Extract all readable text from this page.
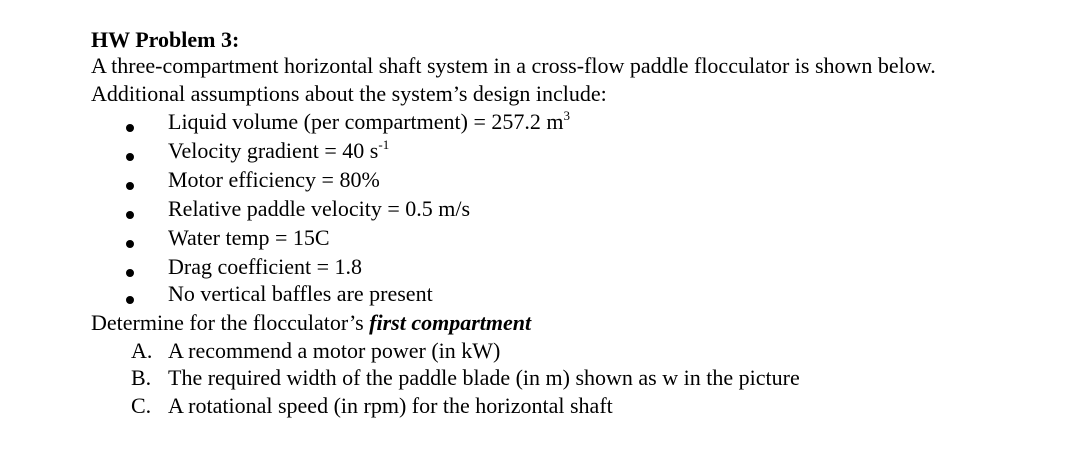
HW Problem 3:
A three-compartment horizontal shaft system in a cross-flow paddle flocculator is shown below.
Additional assumptions about the system’s design include:
Liquid volume (per compartment) = 257.2 $m^3$
Velocity gradient = 40 $s^{-1}$
Motor efficiency = 80%
Relative paddle velocity = 0.5 m/s
Water temp = 15C
Drag coefficient = 1.8
No vertical baffles are present
Determine for the flocculator’s first compartment
A. A recommend a motor power (in kW)
B. The required width of the paddle blade (in m) shown as w in the picture
C. A rotational speed (in rpm) for the horizontal shaft
